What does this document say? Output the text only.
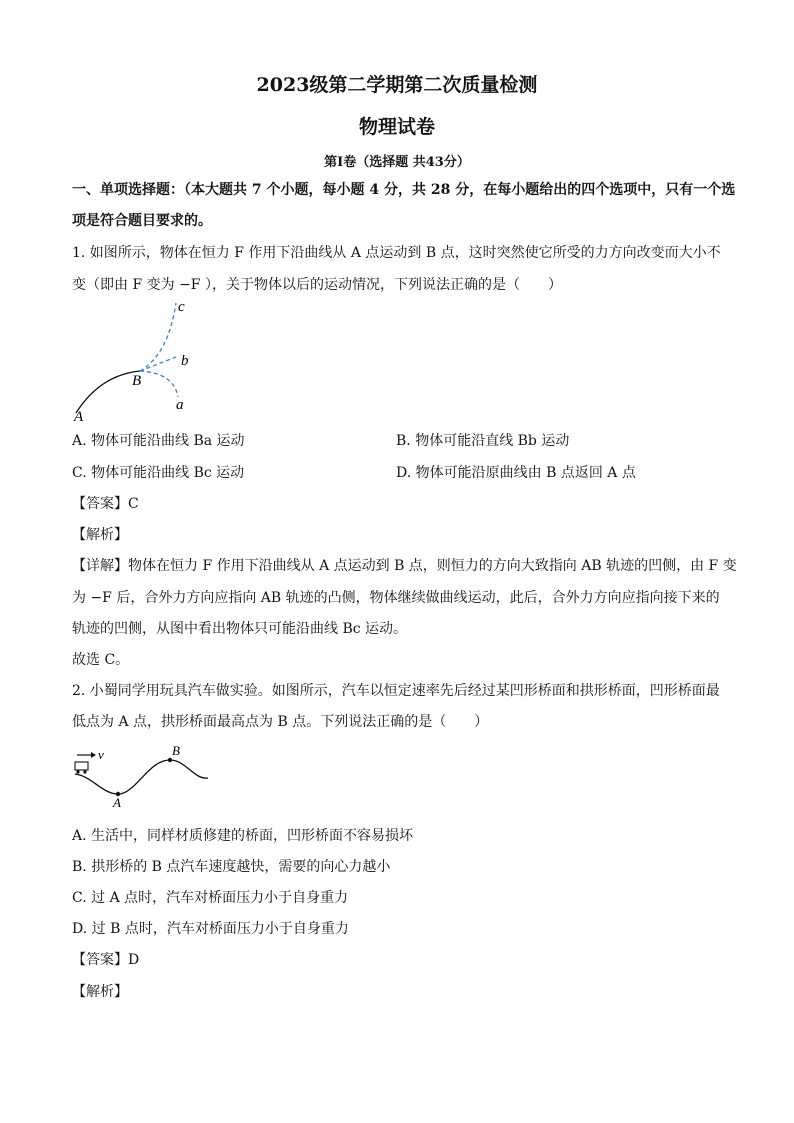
2023级第二学期第二次质量检测
物理试卷
第I卷（选择题 共43分）
一、单项选择题：（本大题共 7 个小题，每小题 4 分，共 28 分，在每小题给出的四个选项中，只有一个选
项是符合题目要求的。
1. 如图所示，物体在恒力 F 作用下沿曲线从 A 点运动到 B 点，这时突然使它所受的力方向改变而大小不
变（即由 F 变为 −F ），关于物体以后的运动情况，下列说法正确的是（　　）
A
B
c
b
a
A. 物体可能沿曲线 Ba 运动	B. 物体可能沿直线 Bb 运动
C. 物体可能沿曲线 Bc 运动	D. 物体可能沿原曲线由 B 点返回 A 点
【答案】C
【解析】
【详解】物体在恒力 F 作用下沿曲线从 A 点运动到 B 点，则恒力的方向大致指向 AB 轨迹的凹侧，由 F 变
为 −F 后，合外力方向应指向 AB 轨迹的凸侧，物体继续做曲线运动，此后，合外力方向应指向接下来的
轨迹的凹侧，从图中看出物体只可能沿曲线 Bc 运动。
故选 C。
2. 小蜀同学用玩具汽车做实验。如图所示，汽车以恒定速率先后经过某凹形桥面和拱形桥面，凹形桥面最
低点为 A 点，拱形桥面最高点为 B 点。下列说法正确的是（　　）
v
A
B
A. 生活中，同样材质修建的桥面，凹形桥面不容易损坏
B. 拱形桥的 B 点汽车速度越快，需要的向心力越小
C. 过 A 点时，汽车对桥面压力小于自身重力
D. 过 B 点时，汽车对桥面压力小于自身重力
【答案】D
【解析】
